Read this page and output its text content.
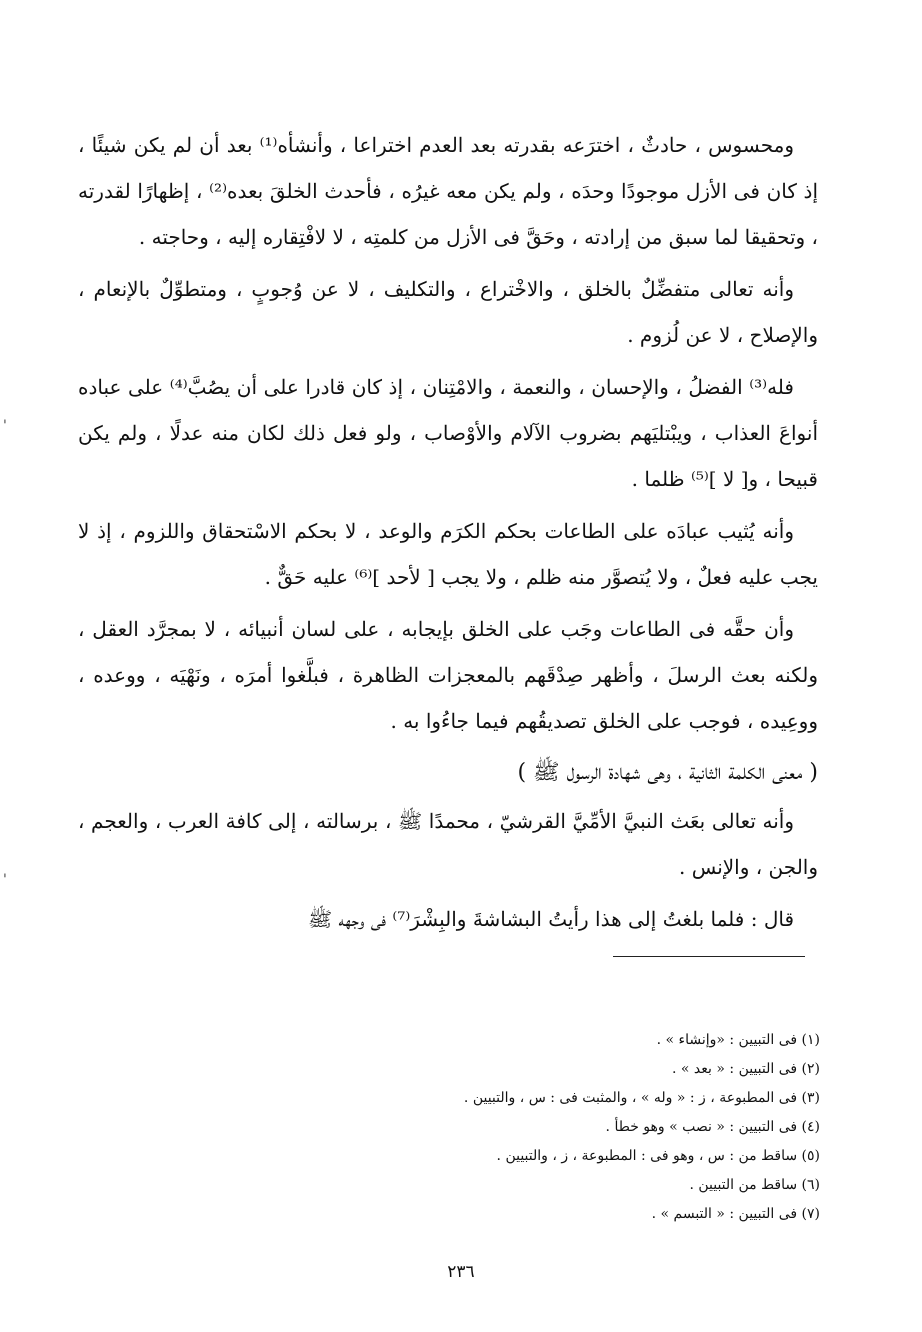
ومحسوس ، حادثٌ ، اخترَعه بقدرته بعد العدم اختراعا ، وأنشأه⁽¹⁾ بعد أن لم يكن شيئًا ، إذ كان فى الأزل موجودًا وحدَه ، ولم يكن معه غيرُه ، فأحدث الخلقَ بعده⁽²⁾ ، إظهارًا لقدرته ، وتحقيقا لما سبق من إرادته ، وحَقَّ فى الأزل من كلمتِه ، لا لافْتِقاره إليه ، وحاجته .

وأنه تعالى متفضِّلٌ بالخلق ، والاخْتراع ، والتكليف ، لا عن وُجوبٍ ، ومتطوِّلٌ بالإنعام ، والإصلاح ، لا عن لُزوم .

فله⁽³⁾ الفضلُ ، والإحسان ، والنعمة ، والامْتِنان ، إذ كان قادرا على أن يصُبَّ⁽⁴⁾ على عباده أنواعَ العذاب ، ويبْتليَهم بضروب الآلام والأوْصاب ، ولو فعل ذلك لكان منه عدلًا ، ولم يكن قبيحا ، و[ لا ]⁽⁵⁾ ظلما .

وأنه يُثيب عبادَه على الطاعات بحكم الكرَم والوعد ، لا بحكم الاسْتحقاق واللزوم ، إذ لا يجب عليه فعلٌ ، ولا يُتصوَّر منه ظلم ، ولا يجب [ لأحد ]⁽⁶⁾ عليه حَقٌّ .

وأن حقَّه فى الطاعات وجَب على الخلق بإيجابه ، على لسان أنبيائه ، لا بمجرَّد العقل ، ولكنه بعث الرسلَ ، وأظهر صِدْقَهم بالمعجزات الظاهرة ، فبلَّغوا أمرَه ، ونَهْيَه ، ووعده ، ووعِيده ، فوجب على الخلق تصديقُهم فيما جاءُوا به .

( معنى الكلمة الثانية ، وهى شهادة الرسول ﷺ )

وأنه تعالى بعَث النبيَّ الأمِّيَّ القرشيّ ، محمدًا ﷺ ، برسالته ، إلى كافة العرب ، والعجم ، والجن ، والإنس .

قال : فلما بلغتُ إلى هذا رأيتُ البشاشةَ والبِشْرَ⁽⁷⁾ فى وجهه ﷺ

(١) فى التبيين : «وإنشاء » .
(٢) فى التبيين : « بعد » .
(٣) فى المطبوعة ، ز : « وله » ، والمثبت فى : س ، والتبيين .
(٤) فى التبيين : « نصب » وهو خطأ .
(٥) ساقط من : س ، وهو فى : المطبوعة ، ز ، والتبيين .
(٦) ساقط من التبيين .
(٧) فى التبيين : « التبسم » .
٢٣٦
'
'
